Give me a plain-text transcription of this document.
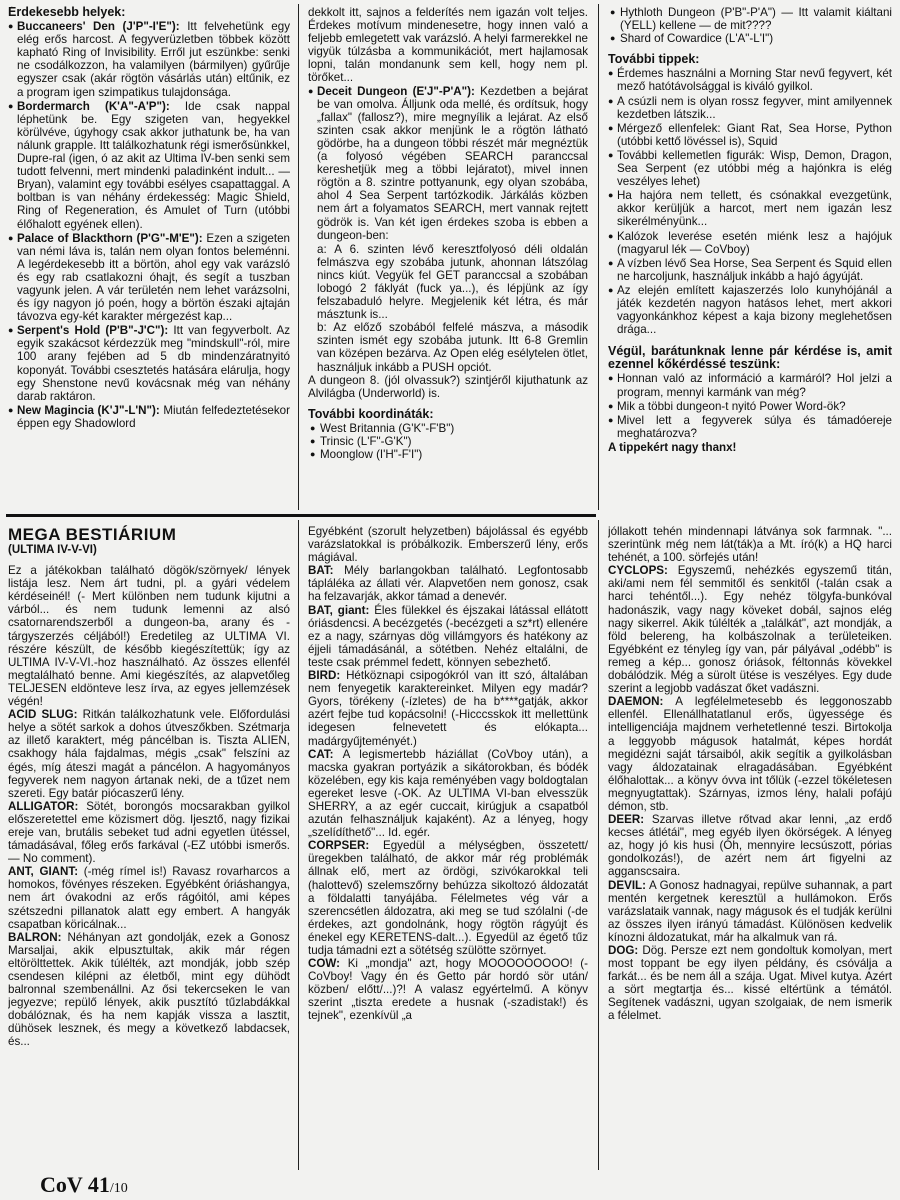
Érdekesebb helyek:

● Buccaneers' Den (J'P"-I'E"): Itt felvehetünk egy elég erős harcost. A fegyverüzletben többek között kapható Ring of Invisibility. Erről jut eszünkbe: senki ne csodálkozzon, ha valamilyen (bármilyen) gyűrűje egyszer csak (akár rögtön vásárlás után) eltűnik, ez a program igen szimpatikus tulajdonsága.

● Bordermarch (K'A"-A'P"): Ide csak nappal léphetünk be. Egy szigeten van, hegyekkel körülvéve, úgyhogy csak akkor juthatunk be, ha van nálunk grapple. Itt találkozhatunk régi ismerősünkkel, Dupre-ral (igen, ó az akit az Ultima IV-ben senki sem tudott felvenni, mert mindenki paladinként indult... — Bryan), valamint egy további esélyes csapattaggal. A boltban is van néhány érdekesség: Magic Shield, Ring of Regeneration, és Amulet of Turn (utóbbi élőhalott egyének ellen).

● Palace of Blackthorn (P'G"-M'E"): Ezen a szigeten van némi láva is, talán nem olyan fontos beleménni. A legérdekesebb itt a börtön, ahol egy vak varázsló és egy rab csatlakozni óhajt, és segít a tuszban vagyunk jelen. A vár területén nem lehet varázsolni, és így nagyon jó poén, hogy a börtön északi ajtaján távozva egy-két karakter mérgezést kap...

● Serpent's Hold (P'B"-J'C"): Itt van fegyverbolt. Az egyik szakácsot kérdezzük meg "mindskull"-ról, mire 100 arany fejében ad 5 db mindenzáratnyitó koponyát. További csesztetés hatására elárulja, hogy egy Shenstone nevű kovácsnak még van néhány darab raktáron.

● New Magincia (K'J"-L'N"): Miután felfedeztetésekor éppen egy Shadowlord

dekkolt itt, sajnos a felderítés nem igazán volt teljes. Érdekes motívum mindenesetre, hogy innen való a feljebb emlegetett vak varázsló. A helyi farmerekkel ne vigyük túlzásba a kommunikációt, mert hajlamosak lopni, talán mondanunk sem kell, hogy nem pl. törőket...

● Deceit Dungeon (E'J"-P'A"): Kezdetben a bejárat be van omolva. Álljunk oda mellé, és ordítsuk, hogy „fallax" (fallosz?), mire megnyílik a lejárat. Az első szinten csak akkor menjünk le a rögtön látható gödörbe, ha a dungeon többi részét már megnéztük (a folyosó végében SEARCH paranccsal kereshetjük meg a többi lejáratot), mivel innen rögtön a 8. szintre pottyanunk, egy olyan szobába, ahol 4 Sea Serpent tartózkodik. Járkálás közben nem árt a folyamatos SEARCH, mert vannak rejtett gödrök is. Van két igen érdekes szoba is ebben a dungeon-ben:

a: A 6. szinten lévő keresztfolyosó déli oldalán felmászva egy szobába jutunk, ahonnan látszólag nincs kiút. Vegyük fel GET paranccsal a szobában lobogó 2 fáklyát (fuck ya...), és lépjünk az így felszabaduló helyre. Megjelenik két létra, és már másztunk is...

b: Az előző szobából felfelé mászva, a második szinten ismét egy szobába jutunk. Itt 6-8 Gremlin van középen bezárva. Az Open elég esélytelen ötlet, használjuk inkább a PUSH opciót.

A dungeon 8. (jól olvassuk?) szintjéről kijuthatunk az Alvilágba (Underworld) is.

További koordináták:

● West Britannia (G'K"-F'B")

● Trinsic (L'F"-G'K")

● Moonglow (I'H"-F'I")

● Hythloth Dungeon (P'B"-P'A") — Itt valamit kiáltani (YELL) kellene — de mit????

● Shard of Cowardice (L'A"-L'I")

További tippek:

● Érdemes használni a Morning Star nevű fegyvert, két mező hatótávolsággal is kiváló gyilkol.

● A csúzli nem is olyan rossz fegyver, mint amilyennek kezdetben látszik...

● Mérgező ellenfelek: Giant Rat, Sea Horse, Python (utóbbi kettő lövéssel is), Squid

● További kellemetlen figurák: Wisp, Demon, Dragon, Sea Serpent (ez utóbbi még a hajónkra is elég veszélyes lehet)

● Ha hajóra nem tellett, és csónakkal evezgetünk, akkor kerüljük a harcot, mert nem igazán lesz sikerélményünk...

● Kalózok leverése esetén miénk lesz a hajójuk (magyarul lék — CoVboy)

● A vízben lévő Sea Horse, Sea Serpent és Squid ellen ne harcoljunk, használjuk inkább a hajó ágyúját.

● Az elején említett kajaszerzés lolo kunyhójánál a játék kezdetén nagyon hatásos lehet, mert akkori vagyonkánkhoz képest a kaja bizony meglehetősen drága...

Végül, barátunknak lenne pár kérdése is, amit ezennel kőkérdéssé teszünk:

● Honnan való az információ a karmáról? Hol jelzi a program, mennyi karmánk van még?

● Mik a többi dungeon-t nyitó Power Word-ök?

● Mivel lett a fegyverek súlya és támadóereje meghatározva?

A tippekért nagy thanx!

MEGA BESTIÁRIUM
(ULTIMA IV-V-VI)

Ez a játékokban található dögök/szörnyek/ lények listája lesz. Nem árt tudni, pl. a gyári védelem kérdéseinél! (- Mert különben nem tudunk kijutni a várból... és nem tudunk lemenni az alsó csatornarendszerből a dungeon-ba, arany és -tárgyszerzés céljából!) Eredetileg az ULTIMA VI. részére készült, de később kiegészítettük; így az ULTIMA IV-V-VI.-hoz használható. Az összes ellenfél megtalálható benne. Ami kiegészítés, az alapvetőleg TELJESEN eldönteve lesz írva, az egyes jellemzések végén!

ACID SLUG: Ritkán találkozhatunk vele. Előfordulási helye a sötét sarkok a dohos útveszőkben. Szétmarja az illető karaktert, még páncélban is. Tiszta ALIEN, csakhogy hála fajdalmas, mégis „csak" felszíni az égés, míg áteszi magát a páncélon. A hagyományos fegyverek nem nagyon ártanak neki, de a tűzet nem szereti. Egy batár piócaszerű lény.

ALLIGATOR: Sötét, borongós mocsarakban gyilkol előszeretettel eme közismert dög. Ijesztő, nagy fizikai ereje van, brutális sebeket tud adni egyetlen ütéssel, támadásával, főleg erős farkával (-EZ utóbbi ismerős. — No comment).

ANT, GIANT: (-még rímel is!) Ravasz rovarharcos a homokos, fövényes részeken. Egyébként óriáshangya, nem árt óvakodni az erős rágóitól, ami képes szétszedni pillanatok alatt egy embert. A hangyák csapatban köricálnak...

BALRON: Néhányan azt gondolják, ezek a Gonosz Marsaljai, akik elpusztultak, akik már régen eltörölttettek. Akik túlélték, azt mondják, jobb szép csendesen kilépni az életből, mint egy dühödt balronnal szembenállni. Az ősi tekercseken le van jegyezve; repülő lények, akik pusztító tűzlabdákkal dobálóznak, és ha nem kapják vissza a lasztit, dühösek lesznek, és megy a következő labdacsek, és...

Egyébként (szorult helyzetben) bájolással és egyébb varázslatokkal is próbálkozik. Emberszerű lény, erős mágiával.

BAT: Mély barlangokban található. Legfontosabb tápláléka az állati vér. Alapvetően nem gonosz, csak ha felzavarják, akkor támad a denevér.

BAT, giant: Éles fülekkel és éjszakai látással ellátott óriásdencsi. A becézgetés (-becézgeti a sz*rt) ellenére ez a nagy, szárnyas dög villámgyors és hatékony az éjjeli támadásánál, a sötétben. Nehéz eltalálni, de teste csak prémmel fedett, könnyen sebezhető.

BIRD: Hétköznapi csipogókról van itt szó, általában nem fenyegetik karaktereinket. Milyen egy madár? Gyors, törékeny (-ízletes) de ha b****gatják, akkor azért fejbe tud kopácsolni! (-Hicccsskok itt mellettünk idegesen felnevetett és elókapta... madárgyűjteményét.)

CAT: A legismertebb háziállat (CoVboy után), a macska gyakran portyázik a sikátorokban, és bódék közelében, egy kis kaja reményében vagy boldogtalan egereket lesve (-OK. Az ULTIMA VI-ban elvesszük SHERRY, a az egér cuccait, kirúgjuk a csapatból azután felhasználjuk kajaként). Az a lényeg, hogy „szelídíthető"... Id. egér.

CORPSER: Egyedül a mélységben, összetett/üregekben található, de akkor már rég problémák állnak elő, mert az ördögi, szivókarokkal teli (halottevő) szelemszőrny behúzza sikoltozó áldozatát a földalatti tanyájába. Félelmetes vég vár a szerencsétlen áldozatra, aki meg se tud szólalni (-de érdekes, azt gondolnánk, hogy rögtön rágyújt és énekel egy KERETENS-dalt...). Egyedül az égető tűz tudja támadni ezt a sötétség szülötte szörnyet.

COW: Ki „mondja" azt, hogy MOOOOOOOOO! (-CoVboy! Vagy én és Getto pár hordó sör után/ közben/ előtt/...)?! A valasz egyértelmű. A könyv szerint „tiszta eredete a husnak (-szadistak!) és tejnek", ezenkívül „a

jóllakott tehén mindennapi látványa sok farmnak. "... szerintünk még nem lát(ták)a a Mt. író(k) a HQ harci tehénét, a 100. sörfejés után!

CYCLOPS: Egyszemű, nehézkés egyszemű titán, aki/ami nem fél semmitől és senkitől (-talán csak a harci tehéntől...). Egy nehéz tölgyfa-bunkóval hadonászik, vagy nagy köveket dobál, sajnos elég nagy sikerrel. Akik túlélték a „találkát", azt mondják, a föld belereng, ha kolbászolnak a területeiken. Egyébként ez tényleg így van, pár pályával „odébb" is remeg a kép... gonosz óriások, féltonnás kövekkel dobálódzik. Még a sürolt ütése is veszélyes. Egy dude szerint a legjobb vadászat őket vadászni.

DAEMON: A legfélelmetesebb és leggonoszabb ellenfél. Ellenállhatatlanul erős, ügyessége és intelligenciája majdnem verhetetlenné teszi. Birtokolja a leggyobb mágusok hatalmát, képes hordát megidézni saját társaiból, akik segítik a gyilkolásban vagy áldozatainak elragadásában. Egyébként élőhalottak... a könyv óvva int tőlük (-ezzel tökéletesen megnyugtattak). Szárnyas, izmos lény, halali pofájú démon, stb.

DEER: Szarvas illetve rőtvad akar lenni, „az erdő kecses átlétái", meg egyéb ilyen ökörségek. A lényeg az, hogy jó kis husi (Óh, mennyire lecsúszott, pórias gondolkozás!), de azért nem árt figyelni az agganscsaira.

DEVIL: A Gonosz hadnagyai, repülve suhannak, a part mentén kergetnek keresztül a hullámokon. Erős varázslataik vannak, nagy mágusok és el tudják kerülni az összes ilyen irányú támadást. Különösen kedvelik kínozni áldozatukat, már ha alkalmuk van rá.

DOG: Dög. Persze ezt nem gondoltuk komolyan, mert most toppant be egy ilyen példány, és csóválja a farkát... és be nem áll a szája. Ugat. Mivel kutya. Azért a sört megtartja és... kissé eltértünk a témától. Segítenek vadászni, ugyan szolgaiak, de nem ismerik a félelmet.

CoV 41/10
